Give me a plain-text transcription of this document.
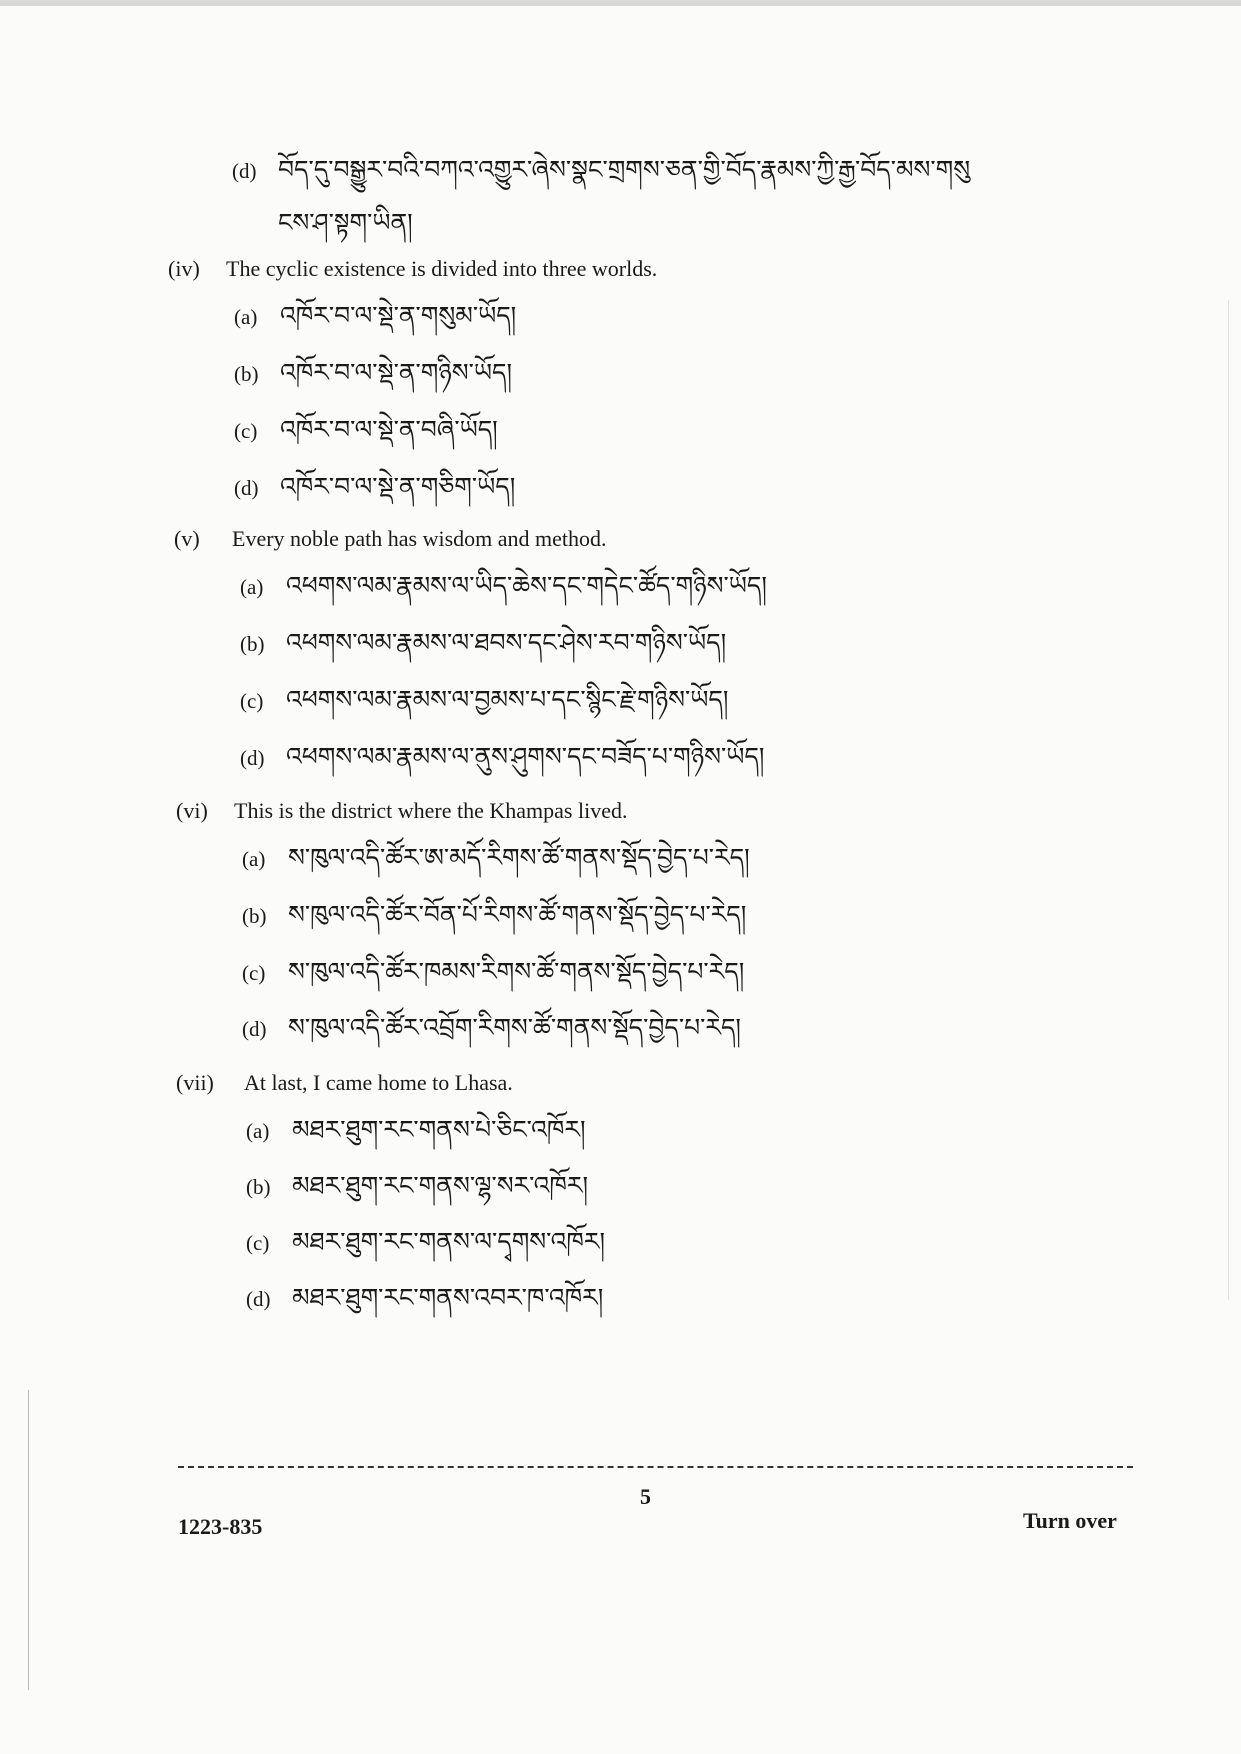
(d) བོད་དུ་བསྒྱུར་བའི་བཀའ་འགྱུར་ཞེས་སྣང་གྲགས་ཅན་གྱི་བོད་རྣམས་ཀྱི་རྒྱ་བོད་མས་གསུ
ངས་ཤ་སྟག་ཡིན།
(iv)	The cyclic existence is divided into three worlds.
(a) འཁོར་བ་ལ་སྡེ་ན་གསུམ་ཡོད།
(b) འཁོར་བ་ལ་སྡེ་ན་གཉིས་ཡོད།
(c) འཁོར་བ་ལ་སྡེ་ན་བཞི་ཡོད།
(d) འཁོར་བ་ལ་སྡེ་ན་གཅིག་ཡོད།
(v)	Every noble path has wisdom and method.
(a) འཕགས་ལམ་རྣམས་ལ་ཡིད་ཆེས་དང་གདེང་ཚོད་གཉིས་ཡོད།
(b) འཕགས་ལམ་རྣམས་ལ་ཐབས་དང་ཤེས་རབ་གཉིས་ཡོད།
(c) འཕགས་ལམ་རྣམས་ལ་བྱམས་པ་དང་སྙིང་རྗེ་གཉིས་ཡོད།
(d) འཕགས་ལམ་རྣམས་ལ་ནུས་ཤུགས་དང་བཟོད་པ་གཉིས་ཡོད།
(vi)	This is the district where the Khampas lived.
(a) ས་ཁུལ་འདི་ཚོར་ཨ་མདོ་རིགས་ཚོ་གནས་སྡོད་བྱེད་པ་རེད།
(b) ས་ཁུལ་འདི་ཚོར་བོན་པོ་རིགས་ཚོ་གནས་སྡོད་བྱེད་པ་རེད།
(c) ས་ཁུལ་འདི་ཚོར་ཁམས་རིགས་ཚོ་གནས་སྡོད་བྱེད་པ་རེད།
(d) ས་ཁུལ་འདི་ཚོར་འབྲོག་རིགས་ཚོ་གནས་སྡོད་བྱེད་པ་རེད།
(vii)	At last, I came home to Lhasa.
(a) མཐར་ཐུག་རང་གནས་པེ་ཅིང་འཁོར།
(b) མཐར་ཐུག་རང་གནས་ལྷ་སར་འཁོར།
(c) མཐར་ཐུག་རང་གནས་ལ་དྭགས་འཁོར།
(d) མཐར་ཐུག་རང་གནས་འབར་ཁ་འཁོར།
5
1223-835	Turn over
